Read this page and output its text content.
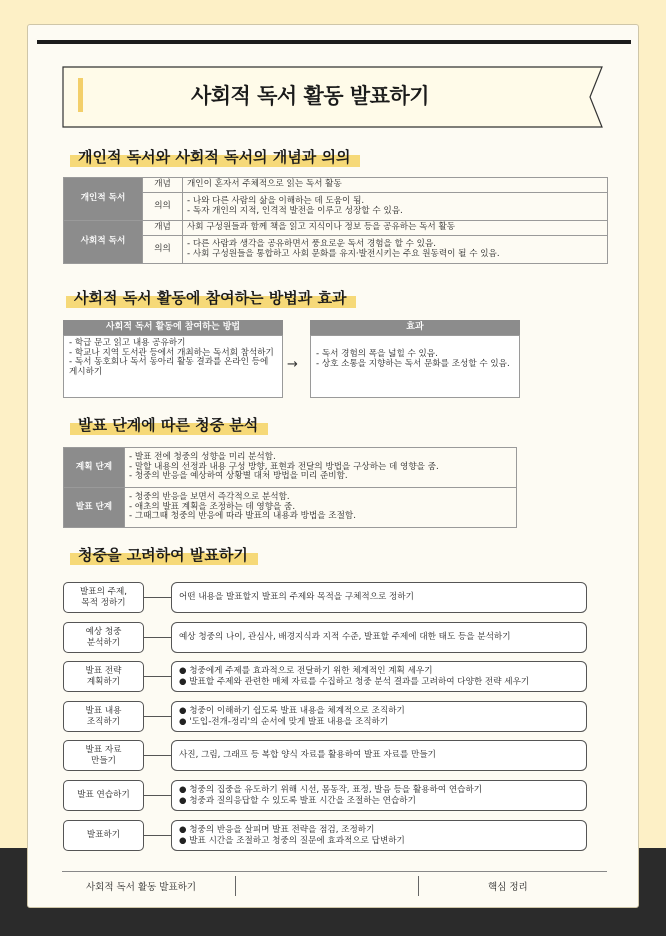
사회적 독서 활동 발표하기
개인적 독서와 사회적 독서의 개념과 의의
개인적 독서	개념	개인이 혼자서 주체적으로 읽는 독서 활동
	의의	- 나와 다른 사람의 삶을 이해하는 데 도움이 됨.
- 독자 개인의 지적, 인격적 발전을 이루고 성장할 수 있음.

사회적 독서	개념	사회 구성원들과 함께 책을 읽고 지식이나 정보 등을 공유하는 독서 활동
	의의	- 다른 사람과 생각을 공유하면서 풍요로운 독서 경험을 할 수 있음.
- 사회 구성원들을 통합하고 사회 문화를 유지·발전시키는 주요 원동력이 될 수 있음.
사회적 독서 활동에 참여하는 방법과 효과
사회적 독서 활동에 참여하는 방법
- 학급 문고 읽고 내용 공유하기
- 학교나 지역 도서관 등에서 개최하는 독서회 참석하기
- 독서 동호회나 독서 동아리 활동 결과를 온라인 등에 게시하기
→
효과
- 독서 경험의 폭을 넓힐 수 있음.
- 상호 소통을 지향하는 독서 문화를 조성할 수 있음.
발표 단계에 따른 청중 분석
계획 단계	- 발표 전에 청중의 성향을 미리 분석함.
- 말할 내용의 선정과 내용 구성 방향, 표현과 전달의 방법을 구상하는 데 영향을 줌.
- 청중의 반응을 예상하여 상황별 대처 방법을 미리 준비함.

발표 단계	- 청중의 반응을 보면서 즉각적으로 분석함.
- 애초의 발표 계획을 조정하는 데 영향을 줌.
- 그때그때 청중의 반응에 따라 발표의 내용과 방법을 조절함.
청중을 고려하여 발표하기
발표의 주제,
목적 정하기
어떤 내용을 발표할지 발표의 주제와 목적을 구체적으로 정하기
예상 청중
분석하기
예상 청중의 나이, 관심사, 배경지식과 지적 수준, 발표할 주제에 대한 태도 등을 분석하기
발표 전략
계획하기
● 청중에게 주제를 효과적으로 전달하기 위한 체계적인 계획 세우기
● 발표할 주제와 관련한 매체 자료를 수집하고 청중 분석 결과를 고려하여 다양한 전략 세우기
발표 내용
조직하기
● 청중이 이해하기 쉽도록 발표 내용을 체계적으로 조직하기
● '도입-전개-정리'의 순서에 맞게 발표 내용을 조직하기
발표 자료
만들기
사진, 그림, 그래프 등 복합 양식 자료를 활용하여 발표 자료를 만들기
발표 연습하기
● 청중의 집중을 유도하기 위해 시선, 몸동작, 표정, 발음 등을 활용하여 연습하기
● 청중과 질의응답할 수 있도록 발표 시간을 조절하는 연습하기
발표하기
● 청중의 반응을 살피며 발표 전략을 점검, 조정하기
● 발표 시간을 조절하고 청중의 질문에 효과적으로 답변하기
사회적 독서 활동 발표하기	핵심 정리
